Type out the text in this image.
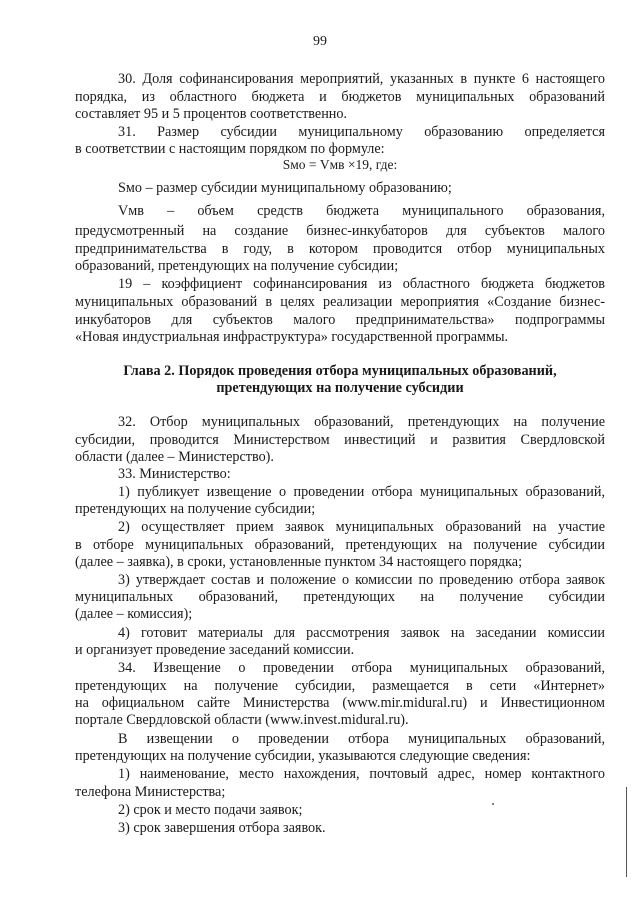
99
30. Доля софинансирования мероприятий, указанных в пункте 6 настоящего
порядка, из областного бюджета и бюджетов муниципальных образований
составляет 95 и 5 процентов соответственно.
31. Размер субсидии муниципальному образованию определяется
в соответствии с настоящим порядком по формуле:
Sмо = Vмв ×19, где:
Sмо – размер субсидии муниципальному образованию;
Vмв – объем средств бюджета муниципального образования,
предусмотренный на создание бизнес-инкубаторов для субъектов малого
предпринимательства в году, в котором проводится отбор муниципальных
образований, претендующих на получение субсидии;
19 – коэффициент софинансирования из областного бюджета бюджетов
муниципальных образований в целях реализации мероприятия «Создание бизнес-
инкубаторов для субъектов малого предпринимательства» подпрограммы
«Новая индустриальная инфраструктура» государственной программы.
Глава 2. Порядок проведения отбора муниципальных образований,
претендующих на получение субсидии
32. Отбор муниципальных образований, претендующих на получение
субсидии, проводится Министерством инвестиций и развития Свердловской
области (далее – Министерство).
33. Министерство:
1) публикует извещение о проведении отбора муниципальных образований,
претендующих на получение субсидии;
2) осуществляет прием заявок муниципальных образований на участие
в отборе муниципальных образований, претендующих на получение субсидии
(далее – заявка), в сроки, установленные пунктом 34 настоящего порядка;
3) утверждает состав и положение о комиссии по проведению отбора заявок
муниципальных образований, претендующих на получение субсидии
(далее – комиссия);
4) готовит материалы для рассмотрения заявок на заседании комиссии
и организует проведение заседаний комиссии.
34. Извещение о проведении отбора муниципальных образований,
претендующих на получение субсидии, размещается в сети «Интернет»
на официальном сайте Министерства (www.mir.midural.ru) и Инвестиционном
портале Свердловской области (www.invest.midural.ru).
В извещении о проведении отбора муниципальных образований,
претендующих на получение субсидии, указываются следующие сведения:
1) наименование, место нахождения, почтовый адрес, номер контактного
телефона Министерства;
2) срок и место подачи заявок;
3) срок завершения отбора заявок.
